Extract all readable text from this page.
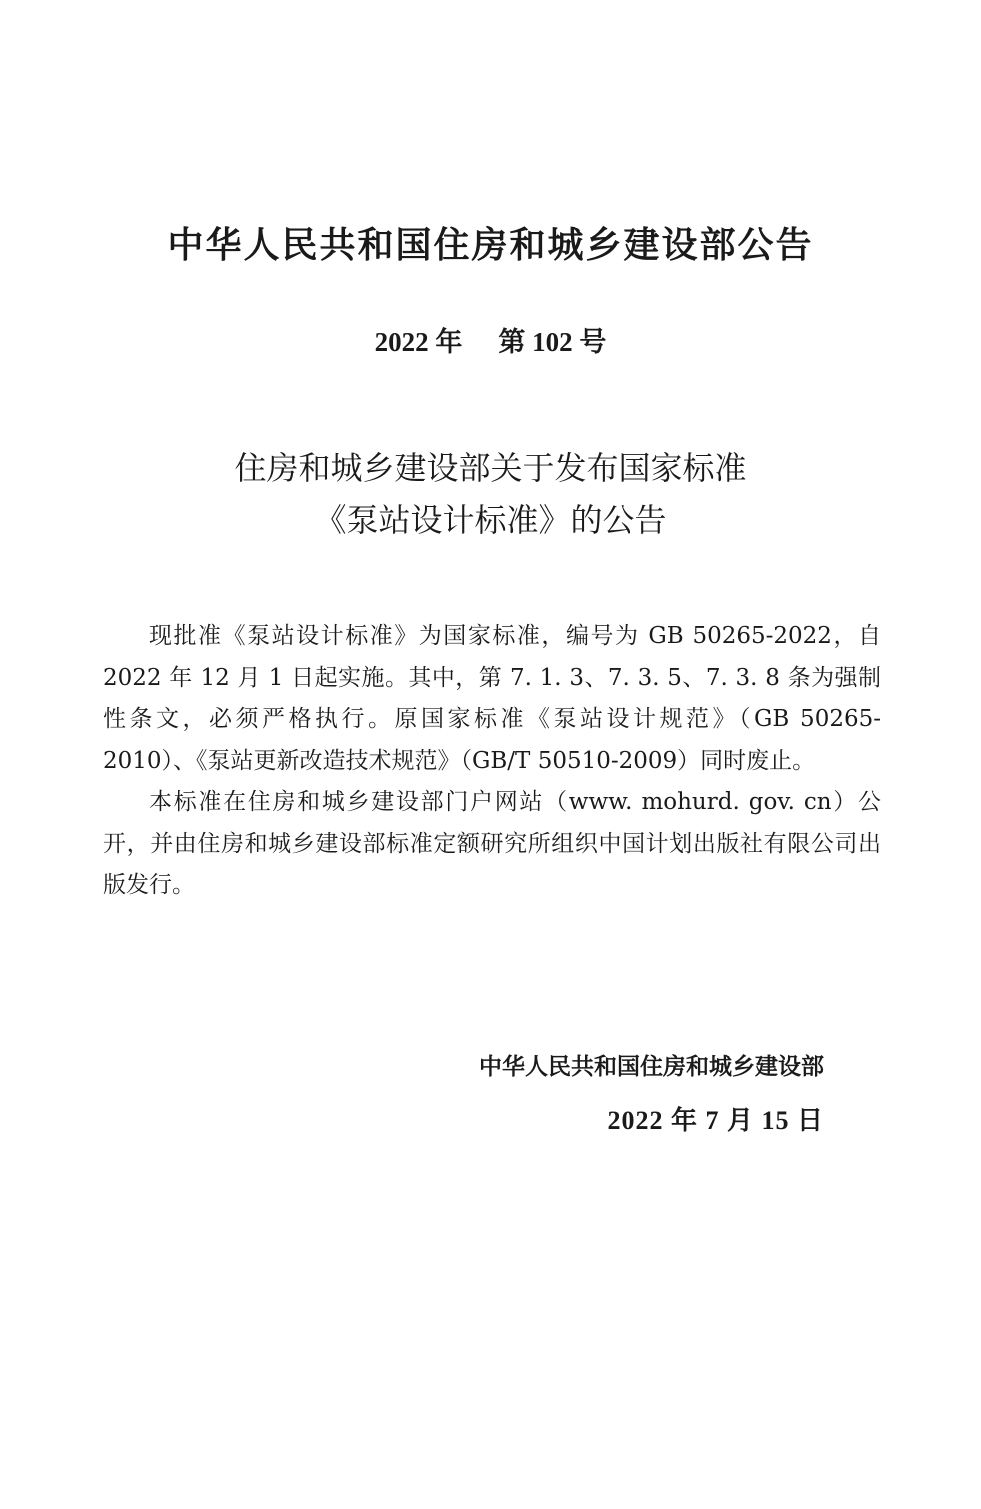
中华人民共和国住房和城乡建设部公告
2022 年 第 102 号
住房和城乡建设部关于发布国家标准
《泵站设计标准》的公告

现批准《泵站设计标准》为国家标准，编号为 GB 50265-2022，自 2022 年 12 月 1 日起实施。其中，第 7. 1. 3、7. 3. 5、7. 3. 8 条为强制性条文，必须严格执行。原国家标准《泵站设计规范》（GB 50265-2010）、《泵站更新改造技术规范》（GB/T 50510-2009）同时废止。

本标准在住房和城乡建设部门户网站（www. mohurd. gov. cn）公开，并由住房和城乡建设部标准定额研究所组织中国计划出版社有限公司出版发行。

中华人民共和国住房和城乡建设部
2022 年 7 月 15 日
